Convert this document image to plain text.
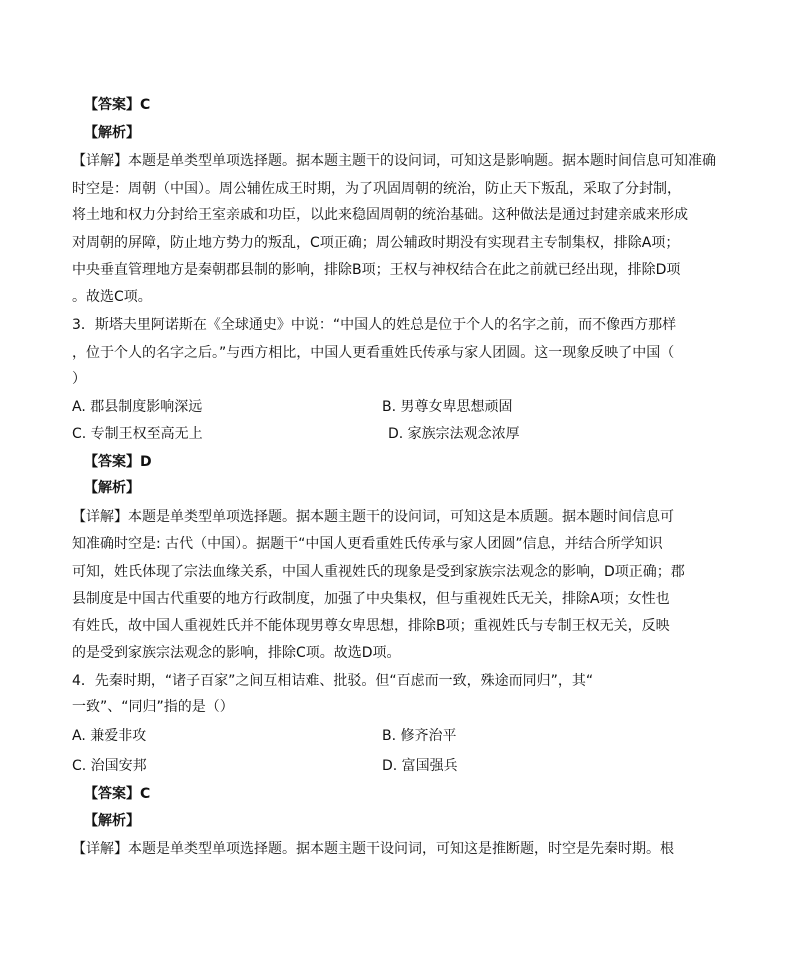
【答案】C
【解析】
【详解】本题是单类型单项选择题。据本题主题干的设问词，可知这是影响题。据本题时间信息可知准确
时空是：周朝（中国）。周公辅佐成王时期，为了巩固周朝的统治，防止天下叛乱，采取了分封制，
将土地和权力分封给王室亲戚和功臣，以此来稳固周朝的统治基础。这种做法是通过封建亲戚来形成
对周朝的屏障，防止地方势力的叛乱，C项正确；周公辅政时期没有实现君主专制集权，排除A项；
中央垂直管理地方是秦朝郡县制的影响，排除B项；王权与神权结合在此之前就已经出现，排除D项
。故选C项。
3．斯塔夫里阿诺斯在《全球通史》中说：“中国人的姓总是位于个人的名字之前，而不像西方那样
，位于个人的名字之后。”与西方相比，中国人更看重姓氏传承与家人团圆。这一现象反映了中国（
）
A. 郡县制度影响深远	B. 男尊女卑思想顽固
C. 专制王权至高无上	D. 家族宗法观念浓厚
【答案】D
【解析】
【详解】本题是单类型单项选择题。据本题主题干的设问词，可知这是本质题。据本题时间信息可
知准确时空是: 古代（中国）。据题干“中国人更看重姓氏传承与家人团圆”信息，并结合所学知识
可知，姓氏体现了宗法血缘关系，中国人重视姓氏的现象是受到家族宗法观念的影响，D项正确；郡
县制度是中国古代重要的地方行政制度，加强了中央集权，但与重视姓氏无关，排除A项；女性也
有姓氏，故中国人重视姓氏并不能体现男尊女卑思想，排除B项；重视姓氏与专制王权无关，反映
的是受到家族宗法观念的影响，排除C项。故选D项。
4．先秦时期，“诸子百家”之间互相诘难、批驳。但“百虑而一致，殊途而同归”，其“
一致”、“同归”指的是（）
A. 兼爱非攻	B. 修齐治平
C. 治国安邦	D. 富国强兵
【答案】C
【解析】
【详解】本题是单类型单项选择题。据本题主题干设问词，可知这是推断题，时空是先秦时期。根
